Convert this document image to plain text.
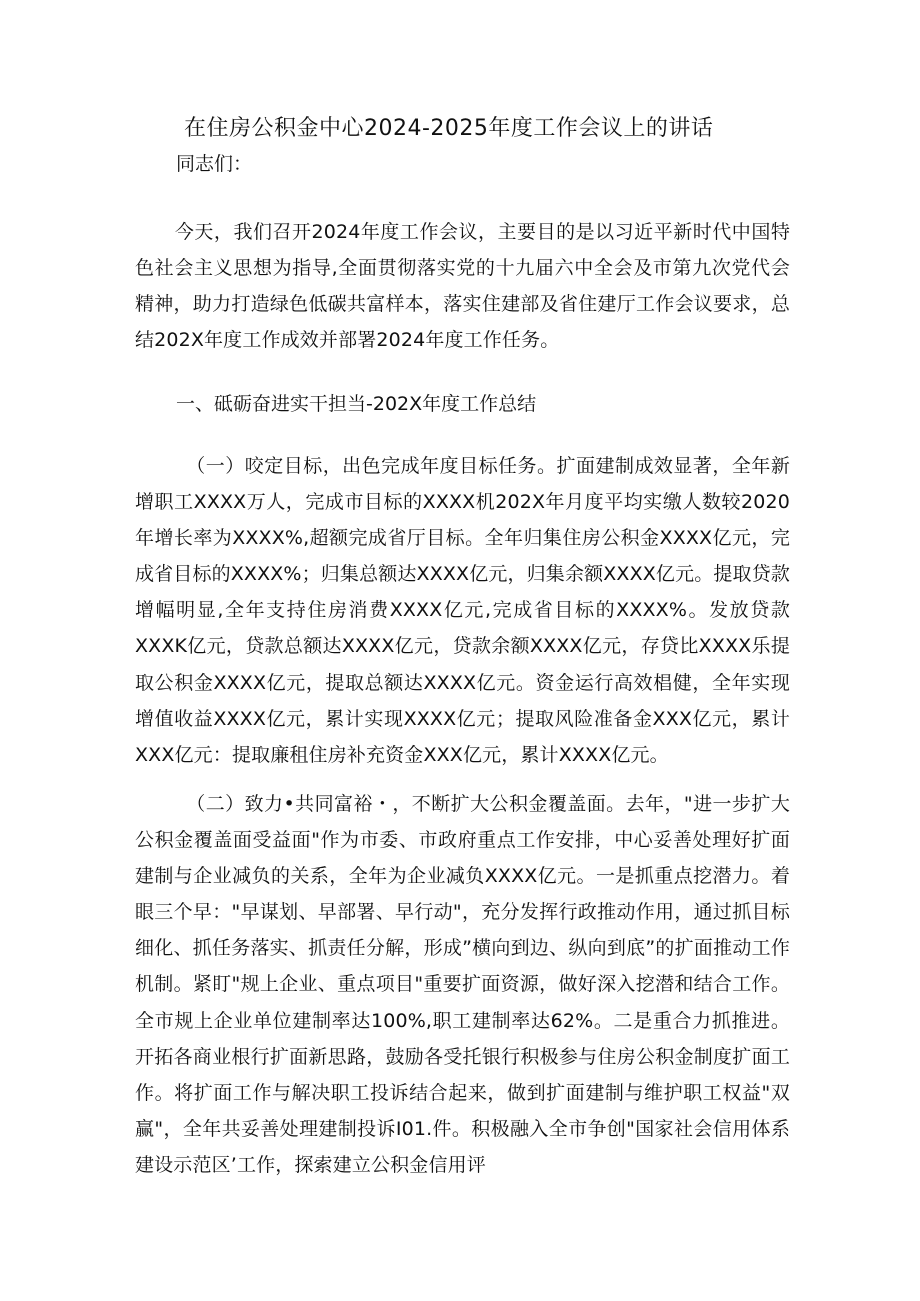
在住房公积金中心2024-2025年度工作会议上的讲话
同志们：

今天，我们召开2024年度工作会议，主要目的是以习近平新时代中国特色社会主义思想为指导,全面贯彻落实党的十九届六中全会及市第九次党代会精神，助力打造绿色低碳共富样本，落实住建部及省住建厅工作会议要求，总结202X年度工作成效并部署2024年度工作任务。

一、砥砺奋进实干担当-202X年度工作总结

（一）咬定目标，出色完成年度目标任务。扩面建制成效显著，全年新增职工XXXX万人，完成市目标的XXXX机202X年月度平均实缴人数较2020年增长率为XXXX%,超额完成省厅目标。全年归集住房公积金XXXX亿元，完成省目标的XXXX%；归集总额达XXXX亿元，归集余额XXXX亿元。提取贷款增幅明显,全年支持住房消费XXXX亿元,完成省目标的XXXX%。发放贷款XXXK亿元，贷款总额达XXXX亿元，贷款余额XXXX亿元，存贷比XXXX乐提取公积金XXXX亿元，提取总额达XXXX亿元。资金运行高效椙健，全年实现增值收益XXXX亿元，累计实现XXXX亿元；提取风险准备金XXX亿元，累计XXX亿元：提取廉租住房补充资金XXX亿元，累计XXXX亿元。

（二）致力•共同富裕・，不断扩大公积金覆盖面。去年，"进一步扩大公积金覆盖面受益面"作为市委、市政府重点工作安排，中心妥善处理好扩面建制与企业减负的关系，全年为企业减负XXXX亿元。一是抓重点挖潜力。着眼三个早："早谋划、早部署、早行动"，充分发挥行政推动作用，通过抓目标细化、抓任务落实、抓责任分解，形成”横向到边、纵向到底”的扩面推动工作机制。紧盯"规上企业、重点项目"重要扩面资源，做好深入挖潜和结合工作。全市规上企业单位建制率达100%,职工建制率达62%。二是重合力抓推进。开拓各商业根行扩面新思路，鼓励各受托银行积极参与住房公积金制度扩面工作。将扩面工作与解决职工投诉结合起来，做到扩面建制与维护职工权益"双赢"，全年共妥善处理建制投诉I01.件。积极融入全市争创"国家社会信用体系建设示范区’工作，探索建立公积金信用评
